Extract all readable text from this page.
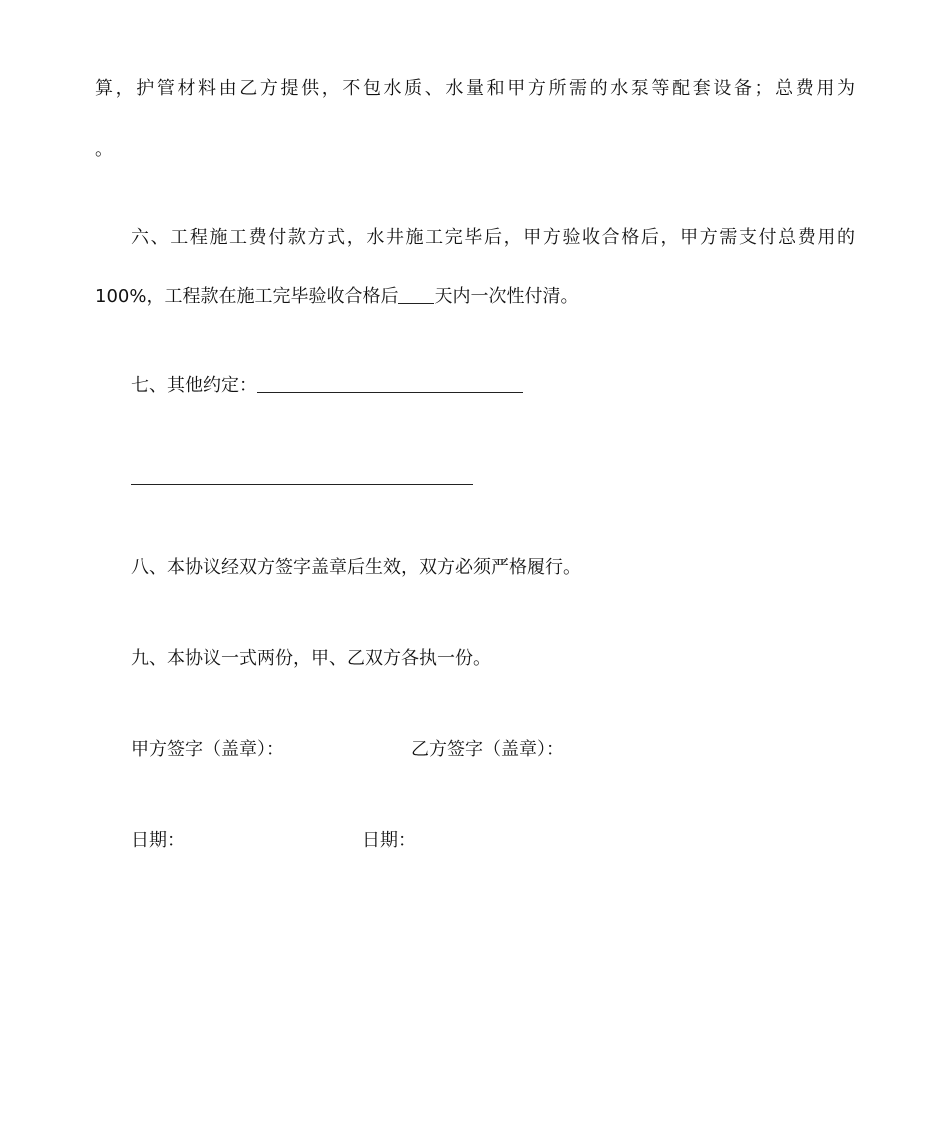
算，护管材料由乙方提供，不包水质、水量和甲方所需的水泵等配套设备；总费用为
。
六、工程施工费付款方式，水井施工完毕后，甲方验收合格后，甲方需支付总费用的
100%，工程款在施工完毕验收合格后 天内一次性付清。
七、其他约定：
八、本协议经双方签字盖章后生效，双方必须严格履行。
九、本协议一式两份，甲、乙双方各执一份。
甲方签字（盖章）：	乙方签字（盖章）：
日期：	日期：
